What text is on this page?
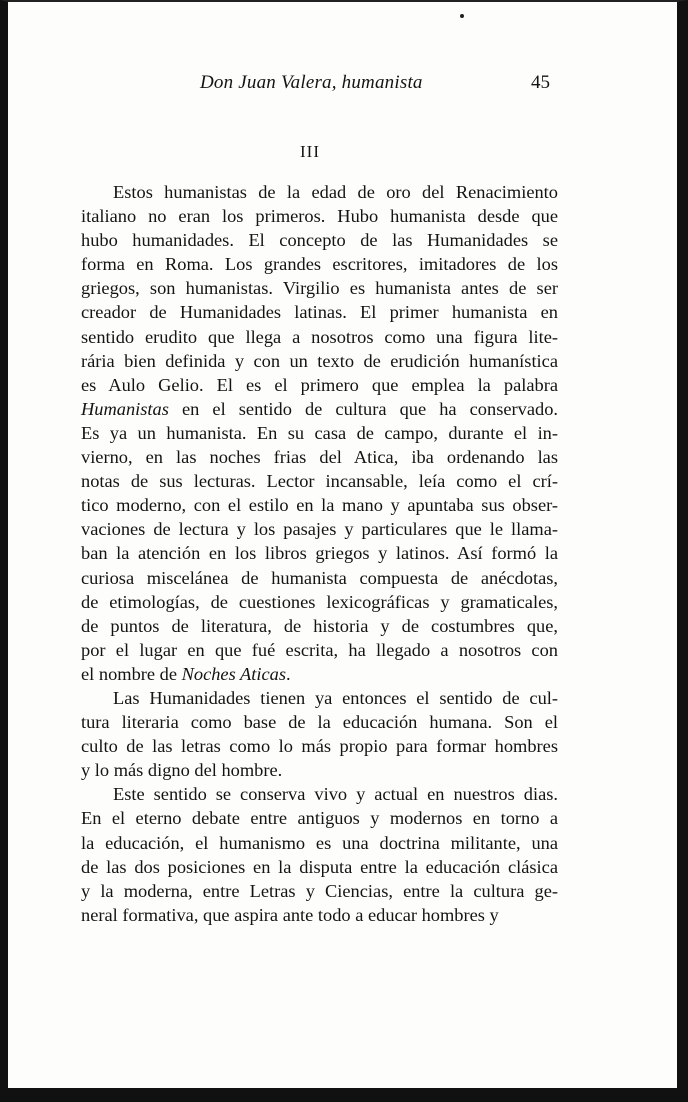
Don Juan Valera, humanista	45
III
Estos humanistas de la edad de oro del Renacimiento
italiano no eran los primeros. Hubo humanista desde que
hubo humanidades. El concepto de las Humanidades se
forma en Roma. Los grandes escritores, imitadores de los
griegos, son humanistas. Virgilio es humanista antes de ser
creador de Humanidades latinas. El primer humanista en
sentido erudito que llega a nosotros como una figura lite-
rária bien definida y con un texto de erudición humanística
es Aulo Gelio. El es el primero que emplea la palabra
Humanistas en el sentido de cultura que ha conservado.
Es ya un humanista. En su casa de campo, durante el in-
vierno, en las noches frias del Atica, iba ordenando las
notas de sus lecturas. Lector incansable, leía como el crí-
tico moderno, con el estilo en la mano y apuntaba sus obser-
vaciones de lectura y los pasajes y particulares que le llama-
ban la atención en los libros griegos y latinos. Así formó la
curiosa miscelánea de humanista compuesta de anécdotas,
de etimologías, de cuestiones lexicográficas y gramaticales,
de puntos de literatura, de historia y de costumbres que,
por el lugar en que fué escrita, ha llegado a nosotros con
el nombre de Noches Aticas.
Las Humanidades tienen ya entonces el sentido de cul-
tura literaria como base de la educación humana. Son el
culto de las letras como lo más propio para formar hombres
y lo más digno del hombre.
Este sentido se conserva vivo y actual en nuestros dias.
En el eterno debate entre antiguos y modernos en torno a
la educación, el humanismo es una doctrina militante, una
de las dos posiciones en la disputa entre la educación clásica
y la moderna, entre Letras y Ciencias, entre la cultura ge-
neral formativa, que aspira ante todo a educar hombres y
